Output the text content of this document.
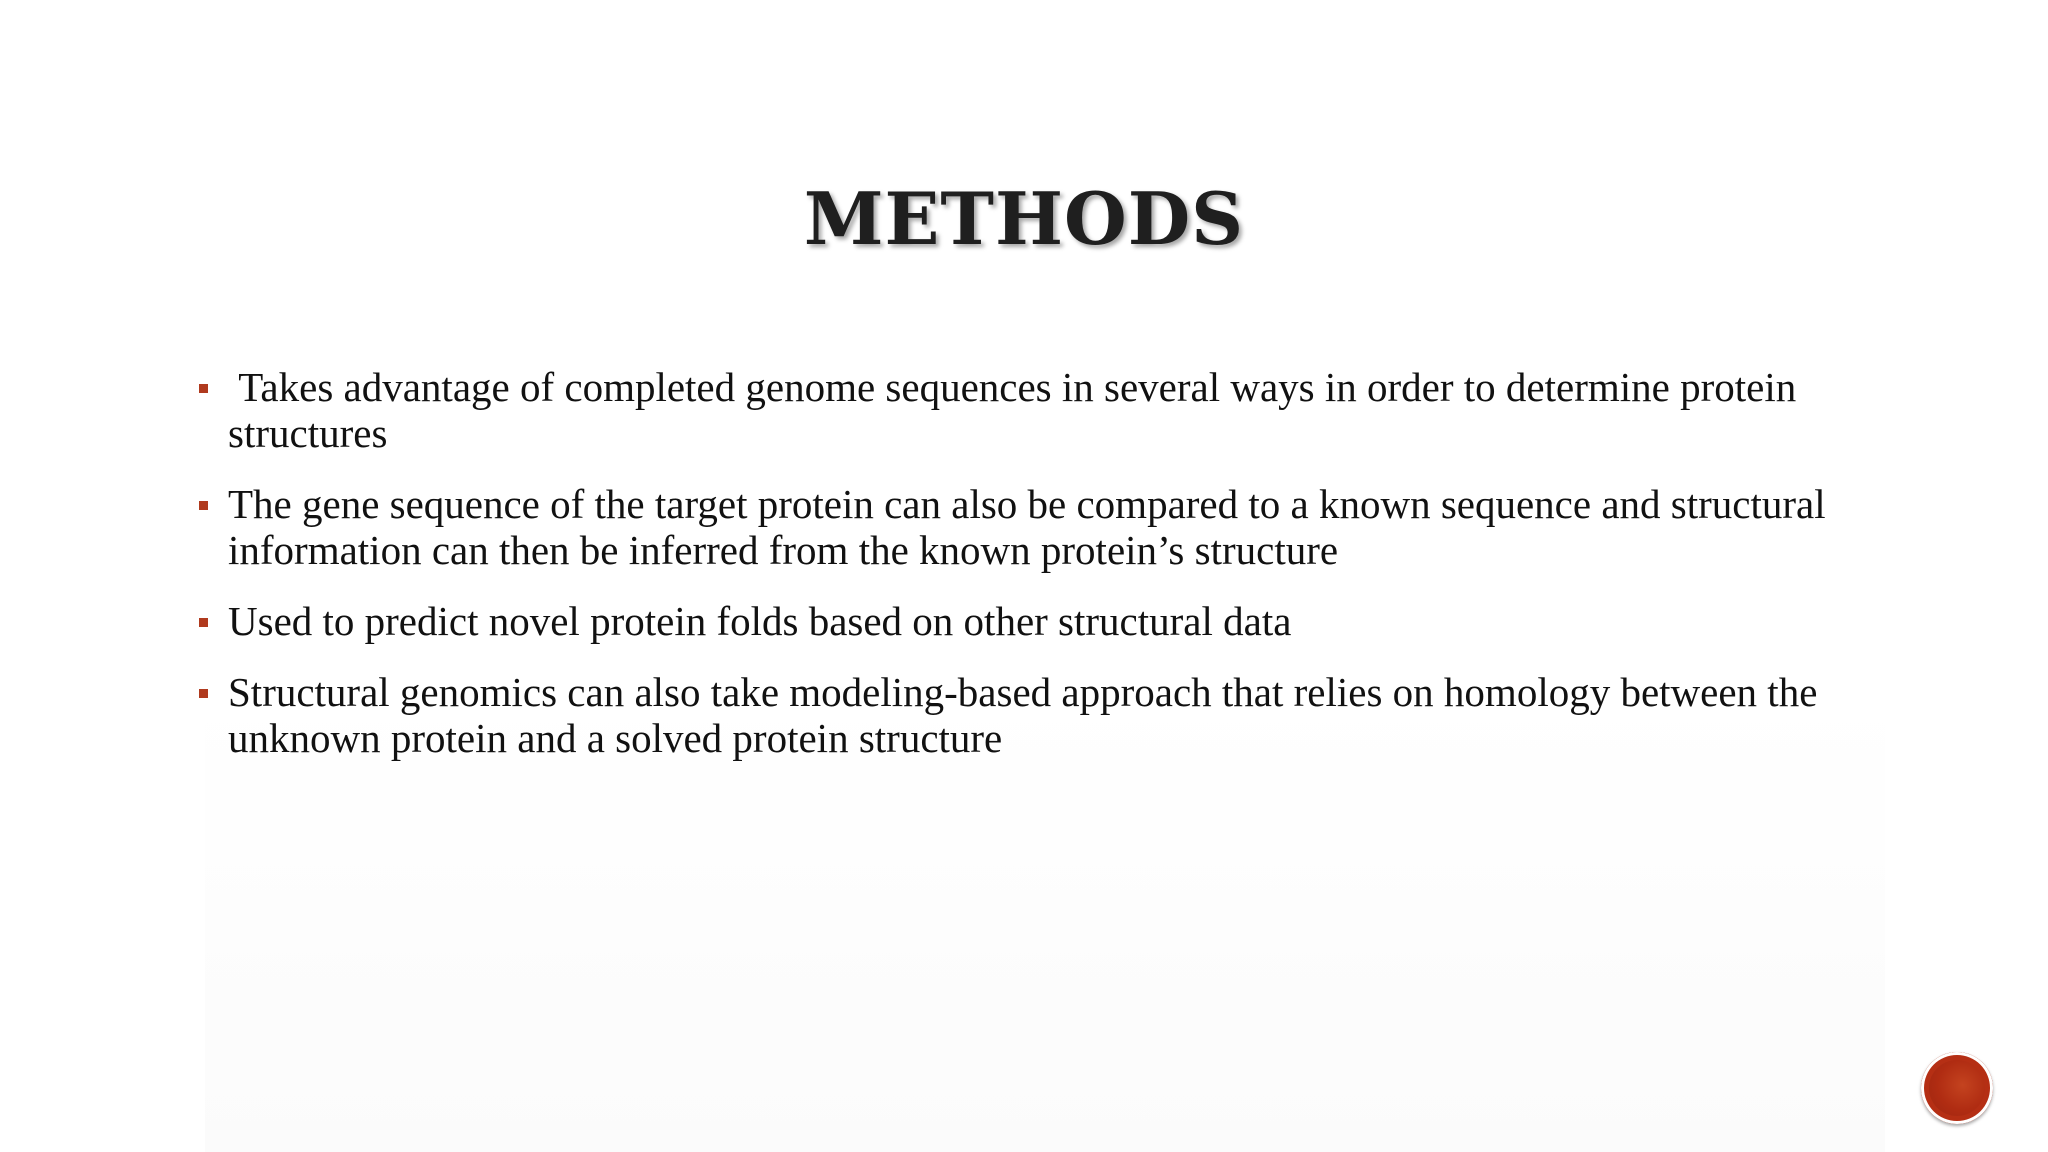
METHODS
Takes advantage of completed genome sequences in several ways in order to determine protein structures
The gene sequence of the target protein can also be compared to a known sequence and structural information can then be inferred from the known protein’s structure
Used to predict novel protein folds based on other structural data
Structural genomics can also take modeling-based approach that relies on homology between the unknown protein and a solved protein structure
